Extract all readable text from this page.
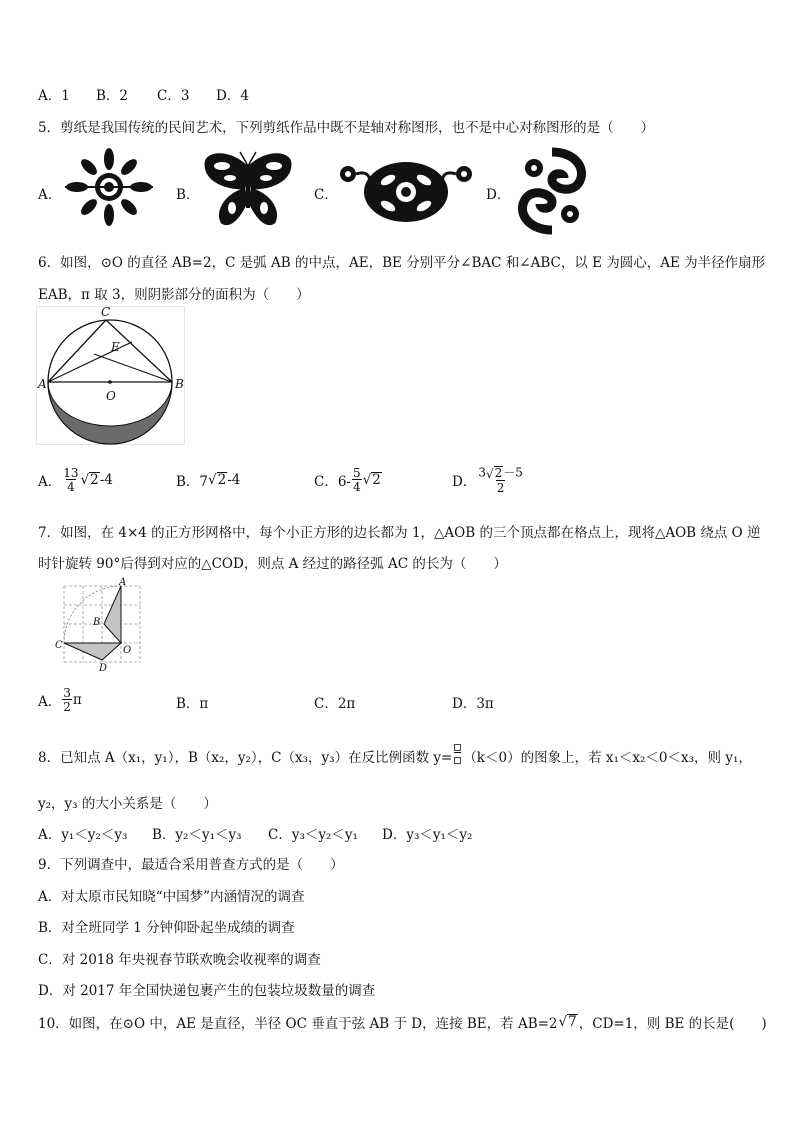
A．1 B．2 C．3 D．4
5．剪纸是我国传统的民间艺术，下列剪纸作品中既不是轴对称图形，也不是中心对称图形的是（　　）
A．	B．	C．	D．
6．如图，⊙O 的直径 AB=2，C 是弧 AB 的中点，AE，BE 分别平分∠BAC 和∠ABC，以 E 为圆心，AE 为半径作扇形
EAB，π 取 3，则阴影部分的面积为（　　）
C
E
A	B
O
A． $\frac{13}{4}$ √ 2 -4	B．7 √ 2 -4	C．$6- \frac{5}{4}$ √ 2	D． $\frac{3√ 2 -5}{2}$
7．如图，在 4×4 的正方形网格中，每个小正方形的边长都为 1，△AOB 的三个顶点都在格点上，现将△AOB 绕点 O 逆
时针旋转 90°后得到对应的△COD，则点 A 经过的路径弧 AC 的长为（　　）
A
B
C	O
D
A． $\frac{3}{2}$ π	B．π	C．2π	D．3π
8．已知点 A（x₁，y₁），B（x₂，y₂），C（x₃，y₃）在反比例函数 y= （k＜0）的图象上，若 x₁＜x₂＜0＜x₃，则 y₁，
y₂，y₃ 的大小关系是（　　）
A．y₁＜y₂＜y₃ B．y₂＜y₁＜y₃ C．y₃＜y₂＜y₁ D．y₃＜y₁＜y₂
9．下列调查中，最适合采用普查方式的是（　　）
A．对太原市民知晓“中国梦”内涵情况的调查
B．对全班同学 1 分钟仰卧起坐成绩的调查
C．对 2018 年央视春节联欢晚会收视率的调查
D．对 2017 年全国快递包裹产生的包装垃圾数量的调查
10．如图，在⊙O 中，AE 是直径，半径 OC 垂直于弦 AB 于 D，连接 BE，若 AB=2 √ 7 ，CD=1，则 BE 的长是(　　)
